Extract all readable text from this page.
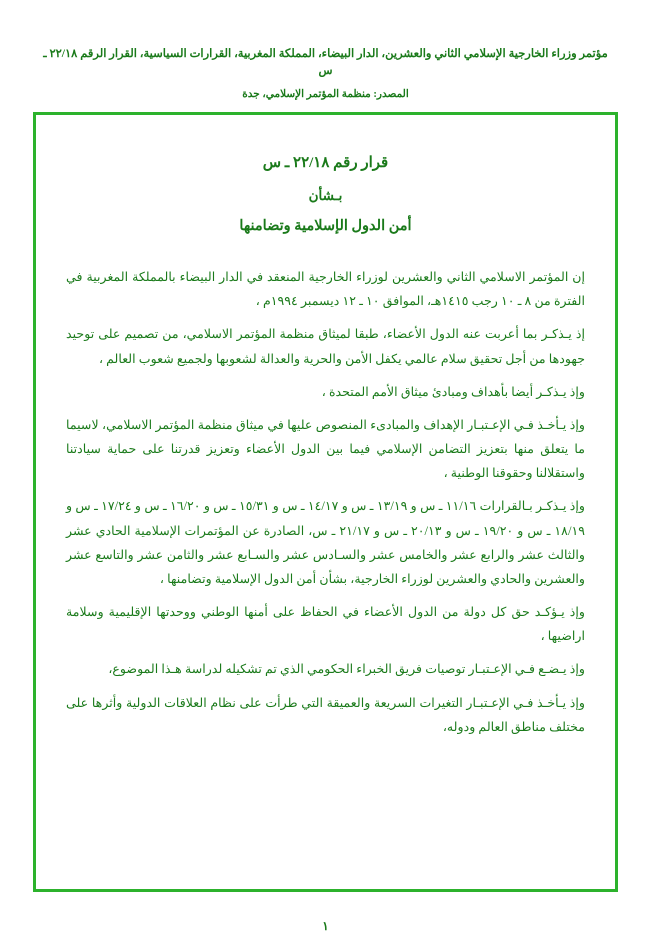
مؤتمر وزراء الخارجية الإسلامي الثاني والعشرين، الدار البيضاء، المملكة المغربية، القرارات السياسية، القرار الرقم ٢٢/١٨ ـ س
المصدر: منظمة المؤتمر الإسلامي، جدة
قرار رقم ٢٢/١٨ ـ س
بـشأن
أمن الدول الإسلامية وتضامنها

إن المؤتمر الاسلامي الثاني والعشرين لوزراء الخارجية المنعقد في الدار البيضاء بالمملكة المغربية في الفترة من ٨ ـ ١٠ رجب ١٤١٥هـ، الموافق ١٠ ـ ١٢ ديسمبر ١٩٩٤م ،

إذ يـذكـر بما أعربت عنه الدول الأعضاء، طبقا لميثاق منظمة المؤتمر الاسلامي، من تصميم على توحيد جهودها من أجل تحقيق سلام عالمي يكفل الأمن والحرية والعدالة لشعوبها ولجميع شعوب العالم ،

وإذ يـذكـر أيضا بأهداف ومبادئ ميثاق الأمم المتحدة ،

وإذ يـأخـذ فـي الإعـتبـار الإهداف والمبادىء المنصوص عليها في ميثاق منظمة المؤتمر الاسلامي، لاسيما ما يتعلق منها بتعزيز التضامن الإسلامي فيما بين الدول الأعضاء وتعزيز قدرتنا على حماية سيادتنا واستقلالنا وحقوقنا الوطنية ،

وإذ يـذكـر بـالقرارات ١١/١٦ ـ س و ١٣/١٩ ـ س و ١٤/١٧ ـ س و ١٥/٣١ ـ س و ١٦/٢٠ ـ س و ١٧/٢٤ ـ س و ١٨/١٩ ـ س و ١٩/٢٠ ـ س و ٢٠/١٣ ـ س و ٢١/١٧ ـ س، الصادرة عن المؤتمرات الإسلامية الحادي عشر والثالث عشر والرابع عشر والخامس عشر والسـادس عشر والسـابع عشر والثامن عشر والتاسع عشر والعشرين والحادي والعشرين لوزراء الخارجية، بشأن أمن الدول الإسلامية وتضامنها ،

وإذ يـؤكـد حق كل دولة من الدول الأعضاء في الحفاظ على أمنها الوطني ووحدتها الإقليمية وسلامة اراضيها ،

وإذ يـضـع فـي الإعـتبـار توصيات فريق الخبراء الحكومي الذي تم تشكيله لدراسة هـذا الموضوع،

وإذ يـأخـذ فـي الإعـتبـار التغيرات السريعة والعميقة التي طرأت على نظام العلاقات الدولية وأثرها على مختلف مناطق العالم ودوله،

١
